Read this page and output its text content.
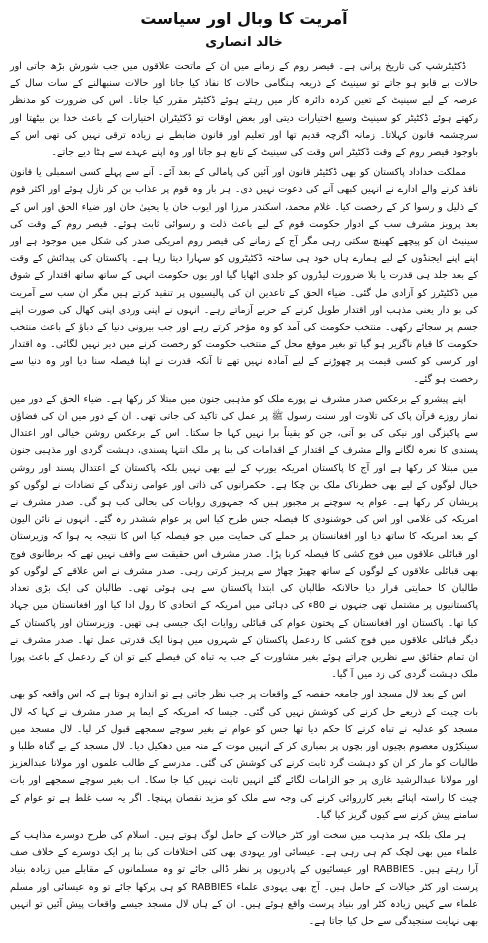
آمریت کا وبال اور سیاست
خالد انصاری

ڈکٹیٹرشپ کی تاریخ پرانی ہے۔ قیصر روم کے زمانے میں ان کے ماتحت علاقوں میں جب شورش بڑھ جاتی اور حالات بے قابو ہو جاتے تو سینیٹ کے ذریعہ ہنگامی حالات کا نفاذ کیا جاتا اور حالات سنبھالنے کے سات سال کے عرصہ کے لیے سینیٹ کے تعین کردہ دائرہ کار میں رہتے ہوئے ڈکٹیٹر مقرر کیا جاتا۔ اس کی ضرورت کو مدنظر رکھتے ہوئے ڈکٹیٹر کو سینیٹ وسیع اختیارات دیتی اور بعض اوقات تو ڈکٹیٹران اختیارات کے باعث خدا بن بیٹھتا اور سرچشمہ قانون کہلاتا۔ زمانہ اگرچہ قدیم تھا اور تعلیم اور قانون ضابطے نے زیادہ ترقی نہیں کی تھی اس کے باوجود قیصر روم کے وقت ڈکٹیٹر اس وقت کی سینیٹ کے تابع ہو جاتا اور وہ اپنے عہدے سے ہٹا دیے جاتے۔

مملکت خداداد پاکستان کو بھی ڈکٹیٹر قانون اور آئین کی پامالی کے بعد آئے۔ آنے سے پہلے کسی اسمبلی یا قانون نافذ کرنے والے ادارے نے انہیں کبھی آنے کی دعوت نہیں دی۔ ہر بار وہ قوم پر عذاب بن کر نازل ہوئے اور اکثر قوم کے ذلیل و رسوا کر کے رخصت کیا۔ غلام محمد، اسکندر مرزا اور ایوب خان یا یحییٰ خان اور ضیاء الحق اور اس کے بعد پرویز مشرف سب کے ادوار حکومت قوم کے لیے باعث ذلت و رسوائی ثابت ہوئے۔ قیصر روم کے وقت کی سینیٹ ان کو پیچھے کھینچ سکتی رہی مگر آج کے زمانے کی قیصر روم امریکی صدر کی شکل میں موجود ہے اور اپنے اپنے ایجنڈوں کے لیے ہمارے ہاں خود ہی ساختہ ڈکٹیٹروں کو سہارا دیتا رہا ہے۔ پاکستان کی پیدائش کے وقت کے بعد جلد ہی قدرت یا بلا ضرورت لیڈروں کو جلدی اٹھایا گیا اور یوں حکومت انہی کے ساتھ ساتھ اقتدار کے شوق میں ڈکٹیٹرز کو آزادی مل گئی۔ ضیاء الحق کے تاعدین ان کی پالیسیوں پر تنقید کرتے ہیں مگر ان سب سے آمریت کی بو دار یعنی مذہب اور اقتدار طویل کرنے کے حربے آزماتے رہے۔ انہوں نے اپنی وردی اپنی کھال کی صورت اپنے جسم پر سجائے رکھی۔ منتخب حکومت کی آمد کو وہ مؤخر کرتے رہے اور جب بیرونی دنیا کے دباؤ کے باعث منتخب حکومت کا قیام ناگزیر ہو گیا تو بغیر موقع محل کے منتخب حکومت کو رخصت کرنے میں دیر نہیں لگائی۔ وہ اقتدار اور کرسی کو کسی قیمت پر چھوڑنے کے لیے آمادہ نہیں تھے تا آنکہ قدرت نے اپنا فیصلہ سنا دیا اور وہ دنیا سے رخصت ہو گئے۔

اپنے پیشرو کے برعکس صدر مشرف نے پورے ملک کو مذہبی جنون میں مبتلا کر رکھا ہے۔ ضیاء الحق کے دور میں نماز روزے قرآن پاک کی تلاوت اور سنت رسول ﷺ پر عمل کی تاکید کی جاتی تھی۔ ان کے دور میں ان کی فضاؤں سے پاکیزگی اور نیکی کی بو آتی، جن کو یقیناً برا نہیں کہا جا سکتا۔ اس کے برعکس روشن خیالی اور اعتدال پسندی کا نعرہ لگانے والے مشرف کے اقتدار کے اقدامات کی بنا پر ملک انتہا پسندی، دہشت گردی اور مذہبی جنون میں مبتلا کر رکھا ہے اور آج کا پاکستان امریکہ یورپ کے لیے بھی نہیں بلکہ پاکستان کے اعتدال پسند اور روشن خیال لوگوں کے لیے بھی خطرناک ملک بن چکا ہے۔ حکمرانوں کی ذاتی اور عوامی زندگی کے تضادات نے لوگوں کو پریشان کر رکھا ہے۔ عوام یہ سوچنے پر مجبور ہیں کہ جمہوری روایات کی بحالی کب ہو گی۔ صدر مشرف نے امریکہ کی غلامی اور اس کی خوشنودی کا فیصلہ جس طرح کیا اس پر عوام ششدر رہ گئے۔ انہوں نے نائن الیون کے بعد امریکہ کا ساتھ دیا اور افغانستان پر حملے کی حمایت میں جو فیصلہ کیا اس کا نتیجہ یہ ہوا کہ وزیرستان اور قبائلی علاقوں میں فوج کشی کا فیصلہ کرنا پڑا۔ صدر مشرف اس حقیقت سے واقف نہیں تھے کہ برطانوی فوج بھی قبائلی علاقوں کے لوگوں کے ساتھ چھیڑ چھاڑ سے پرہیز کرتی رہی۔ صدر مشرف نے اس علاقے کے لوگوں کو طالبان کا حمایتی قرار دیا حالانکہ طالبان کی ابتدا پاکستان سے ہی ہوئی تھی۔ طالبان کی ایک بڑی تعداد پاکستانیوں پر مشتمل تھی جنہوں نے 80ء کی دہائی میں امریکہ کے اتحادی کا رول ادا کیا اور افغانستان میں جہاد کیا تھا۔ پاکستان اور افغانستان کے پختون عوام کی قبائلی روایات ایک جیسی ہی تھیں۔ وزیرستان اور پاکستان کے دیگر قبائلی علاقوں میں فوج کشی کا ردعمل پاکستان کے شہروں میں ہونا ایک قدرتی عمل تھا۔ صدر مشرف نے ان تمام حقائق سے نظریں چراتے ہوئے بغیر مشاورت کے جب یہ تباہ کن فیصلے کیے تو ان کے ردعمل کے باعث پورا ملک دہشت گردی کی زد میں آ گیا۔

اس کے بعد لال مسجد اور جامعہ حفصہ کے واقعات پر جب نظر جاتی ہے تو اندازہ ہوتا ہے کہ اس واقعہ کو بھی بات چیت کے ذریعے حل کرنے کی کوشش نہیں کی گئی۔ جیسا کہ امریکہ کے ایما پر صدر مشرف نے کہا کہ لال مسجد کو عدلیہ نے تباہ کرنے کا حکم دیا تھا جس کو عوام نے بغیر سوچے سمجھے قبول کر لیا۔ لال مسجد میں سینکڑوں معصوم بچیوں اور بچوں پر بمباری کر کے انہیں موت کے منہ میں دھکیل دیا۔ لال مسجد کے بے گناہ طلبا و طالبات کو مار کر ان کو دہشت گرد ثابت کرنے کی کوشش کی گئی۔ مدرسے کے طالب علموں اور مولانا عبدالعزیز اور مولانا عبدالرشید غازی پر جو الزامات لگائے گئے انہیں ثابت نہیں کیا جا سکا۔ اب بغیر سوچے سمجھے اور بات چیت کا راستہ اپنائے بغیر کارروائی کرنے کی وجہ سے ملک کو مزید نقصان پہنچا۔ اگر یہ سب غلط ہے تو عوام کے سامنے پیش کرنے سے کیوں گریز کیا گیا۔

ہر ملک بلکہ ہر مذہب میں سخت اور کٹر خیالات کے حامل لوگ ہوتے ہیں۔ اسلام کی طرح دوسرے مذاہب کے علماء میں بھی لچک کم ہی رہی ہے۔ عیسائی اور یہودی بھی کئی اختلافات کی بنا پر ایک دوسرے کے خلاف صف آرا رہتے ہیں۔ RABBIES اور عیسائیوں کے پادریوں پر نظر ڈالی جائے تو وہ مسلمانوں کے مقابلے میں زیادہ بنیاد پرست اور کٹر خیالات کے حامل ہیں۔ آج بھی یہودی علماء RABBIES کو ہی پرکھا جائے تو وہ عیسائی اور مسلم علماء سے کہیں زیادہ کٹر اور بنیاد پرست واقع ہوئے ہیں۔ ان کے ہاں لال مسجد جیسے واقعات پیش آئیں تو انہیں بھی نہایت سنجیدگی سے حل کیا جاتا ہے۔
